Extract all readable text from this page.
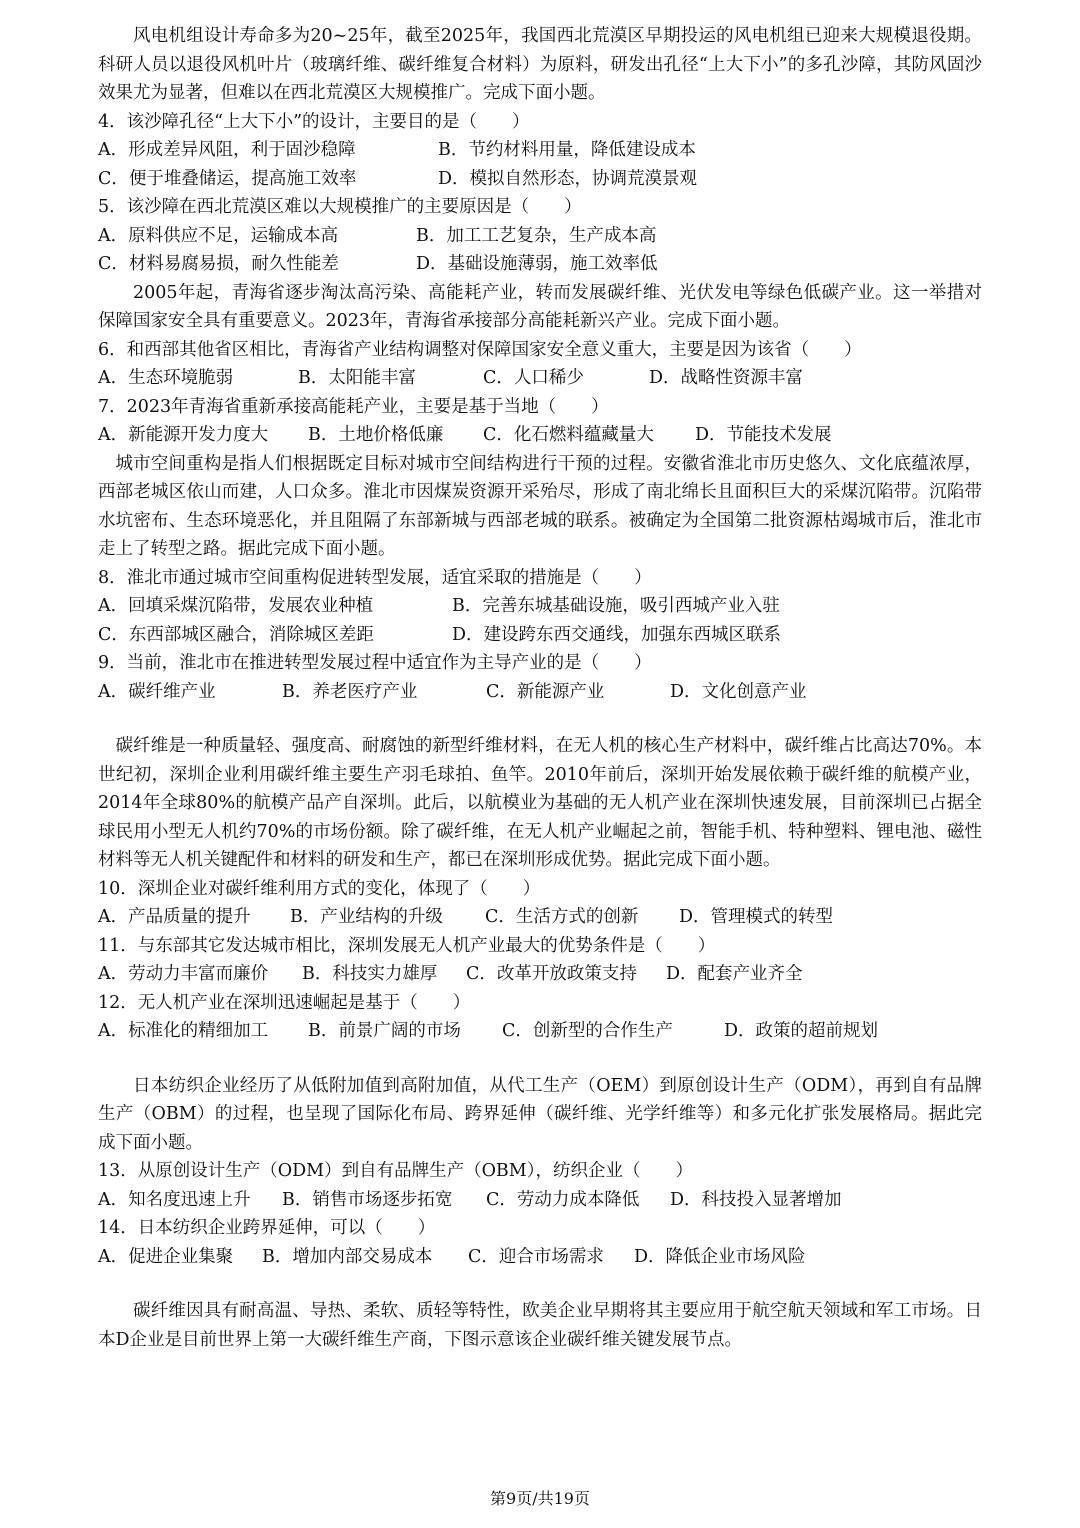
风电机组设计寿命多为20~25年，截至2025年，我国西北荒漠区早期投运的风电机组已迎来大规模退役期。科研人员以退役风机叶片（玻璃纤维、碳纤维复合材料）为原料，研发出孔径“上大下小”的多孔沙障，其防风固沙效果尤为显著，但难以在西北荒漠区大规模推广。完成下面小题。

4．该沙障孔径“上大下小”的设计，主要目的是（　　）

A．形成差异风阻，利于固沙稳障	B．节约材料用量，降低建设成本
C．便于堆叠储运，提高施工效率	D．模拟自然形态，协调荒漠景观

5．该沙障在西北荒漠区难以大规模推广的主要原因是（　　）

A．原料供应不足，运输成本高	B．加工工艺复杂，生产成本高
C．材料易腐易损，耐久性能差	D．基础设施薄弱，施工效率低

2005年起，青海省逐步淘汰高污染、高能耗产业，转而发展碳纤维、光伏发电等绿色低碳产业。这一举措对保障国家安全具有重要意义。2023年，青海省承接部分高能耗新兴产业。完成下面小题。

6．和西部其他省区相比，青海省产业结构调整对保障国家安全意义重大，主要是因为该省（　　）

A．生态环境脆弱	B．太阳能丰富	C．人口稀少	D．战略性资源丰富

7．2023年青海省重新承接高能耗产业，主要是基于当地（　　）

A．新能源开发力度大	B．土地价格低廉	C．化石燃料蕴藏量大	D．节能技术发展

城市空间重构是指人们根据既定目标对城市空间结构进行干预的过程。安徽省淮北市历史悠久、文化底蕴浓厚，西部老城区依山而建，人口众多。淮北市因煤炭资源开采殆尽，形成了南北绵长且面积巨大的采煤沉陷带。沉陷带水坑密布、生态环境恶化，并且阻隔了东部新城与西部老城的联系。被确定为全国第二批资源枯竭城市后，淮北市走上了转型之路。据此完成下面小题。

8．淮北市通过城市空间重构促进转型发展，适宜采取的措施是（　　）

A．回填采煤沉陷带，发展农业种植	B．完善东城基础设施，吸引西城产业入驻
C．东西部城区融合，消除城区差距	D．建设跨东西交通线，加强东西城区联系

9．当前，淮北市在推进转型发展过程中适宜作为主导产业的是（　　）

A．碳纤维产业	B．养老医疗产业	C．新能源产业	D．文化创意产业

碳纤维是一种质量轻、强度高、耐腐蚀的新型纤维材料，在无人机的核心生产材料中，碳纤维占比高达70%。本世纪初，深圳企业利用碳纤维主要生产羽毛球拍、鱼竿。2010年前后，深圳开始发展依赖于碳纤维的航模产业，2014年全球80%的航模产品产自深圳。此后，以航模业为基础的无人机产业在深圳快速发展，目前深圳已占据全球民用小型无人机约70%的市场份额。除了碳纤维，在无人机产业崛起之前，智能手机、特种塑料、锂电池、磁性材料等无人机关键配件和材料的研发和生产，都已在深圳形成优势。据此完成下面小题。

10．深圳企业对碳纤维利用方式的变化，体现了（　　）

A．产品质量的提升	B．产业结构的升级	C．生活方式的创新	D．管理模式的转型

11．与东部其它发达城市相比，深圳发展无人机产业最大的优势条件是（　　）

A．劳动力丰富而廉价	B．科技实力雄厚	C．改革开放政策支持	D．配套产业齐全

12．无人机产业在深圳迅速崛起是基于（　　）

A．标准化的精细加工	B．前景广阔的市场	C．创新型的合作生产	D．政策的超前规划

日本纺织企业经历了从低附加值到高附加值，从代工生产（OEM）到原创设计生产（ODM），再到自有品牌生产（OBM）的过程，也呈现了国际化布局、跨界延伸（碳纤维、光学纤维等）和多元化扩张发展格局。据此完成下面小题。

13．从原创设计生产（ODM）到自有品牌生产（OBM），纺织企业（　　）

A．知名度迅速上升	B．销售市场逐步拓宽	C．劳动力成本降低	D．科技投入显著增加

14．日本纺织企业跨界延伸，可以（　　）

A．促进企业集聚	B．增加内部交易成本	C．迎合市场需求	D．降低企业市场风险

碳纤维因具有耐高温、导热、柔软、质轻等特性，欧美企业早期将其主要应用于航空航天领域和军工市场。日本D企业是目前世界上第一大碳纤维生产商，下图示意该企业碳纤维关键发展节点。

第9页/共19页
